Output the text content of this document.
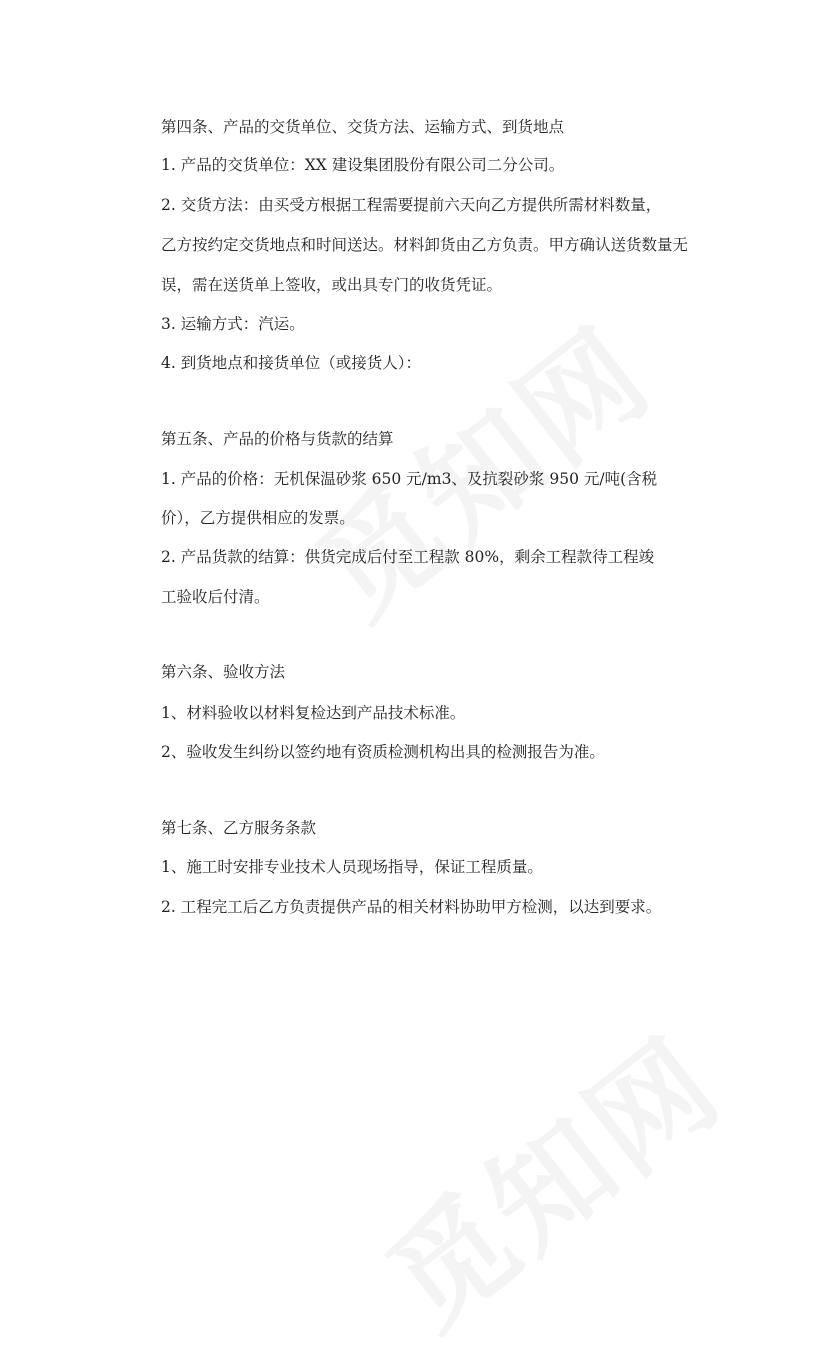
第四条、产品的交货单位、交货方法、运输方式、到货地点
1. 产品的交货单位：XX 建设集团股份有限公司二分公司。
2. 交货方法：由买受方根据工程需要提前六天向乙方提供所需材料数量，
乙方按约定交货地点和时间送达。材料卸货由乙方负责。甲方确认送货数量无
误，需在送货单上签收，或出具专门的收货凭证。
3. 运输方式：汽运。
4. 到货地点和接货单位（或接货人）：
第五条、产品的价格与货款的结算
1. 产品的价格：无机保温砂浆 650 元/m3、及抗裂砂浆 950 元/吨(含税
价），乙方提供相应的发票。
2. 产品货款的结算：供货完成后付至工程款 80%，剩余工程款待工程竣
工验收后付清。
第六条、验收方法
1、材料验收以材料复检达到产品技术标准。
2、验收发生纠纷以签约地有资质检测机构出具的检测报告为准。
第七条、乙方服务条款
1、施工时安排专业技术人员现场指导，保证工程质量。
2. 工程完工后乙方负责提供产品的相关材料协助甲方检测，以达到要求。
